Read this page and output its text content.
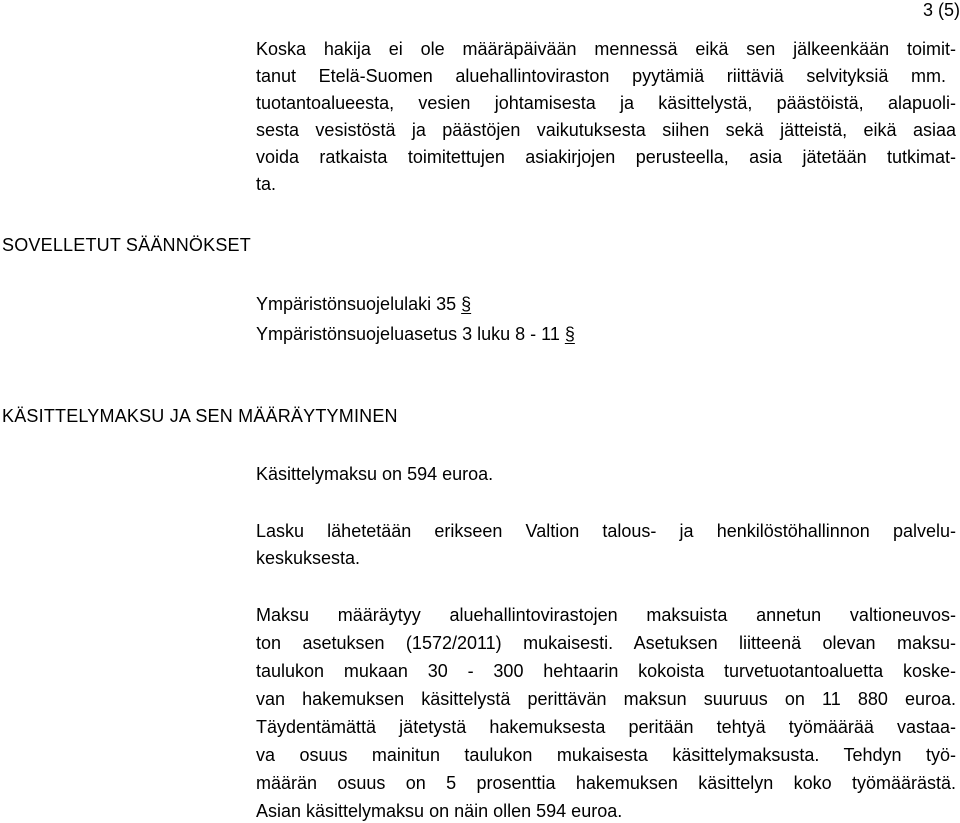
3 (5)
Koska hakija ei ole määräpäivään mennessä eikä sen jälkeenkään toimit-
tanut Etelä-Suomen aluehallintoviraston pyytämiä riittäviä selvityksiä mm.
tuotantoalueesta, vesien johtamisesta ja käsittelystä, päästöistä, alapuoli-
sesta vesistöstä ja päästöjen vaikutuksesta siihen sekä jätteistä, eikä asiaa
voida ratkaista toimitettujen asiakirjojen perusteella, asia jätetään tutkimat-
ta.
SOVELLETUT SÄÄNNÖKSET
Ympäristönsuojelulaki 35 §
Ympäristönsuojeluasetus 3 luku 8 - 11 §
KÄSITTELYMAKSU JA SEN MÄÄRÄYTYMINEN
Käsittelymaksu on 594 euroa.
Lasku lähetetään erikseen Valtion talous- ja henkilöstöhallinnon palvelu-
keskuksesta.
Maksu määräytyy aluehallintovirastojen maksuista annetun valtioneuvos-
ton asetuksen (1572/2011) mukaisesti. Asetuksen liitteenä olevan maksu-
taulukon mukaan 30 - 300 hehtaarin kokoista turvetuotantoaluetta koske-
van hakemuksen käsittelystä perittävän maksun suuruus on 11 880 euroa.
Täydentämättä jätetystä hakemuksesta peritään tehtyä työmäärää vastaa-
va osuus mainitun taulukon mukaisesta käsittelymaksusta. Tehdyn työ-
määrän osuus on 5 prosenttia hakemuksen käsittelyn koko työmäärästä.
Asian käsittelymaksu on näin ollen 594 euroa.
